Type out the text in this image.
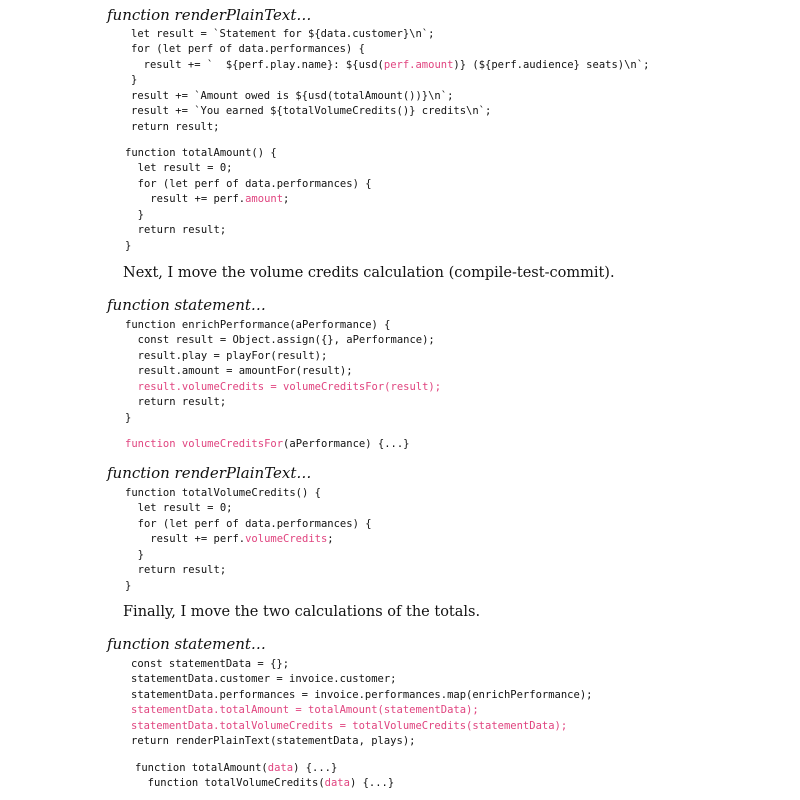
function renderPlainText…
let result = `Statement for ${data.customer}\n`;
for (let perf of data.performances) {
result += `  ${perf.play.name}: ${usd(perf.amount)} (${perf.audience} seats)\n`;
}
result += `Amount owed is ${usd(totalAmount())}\n`;
result += `You earned ${totalVolumeCredits()} credits\n`;
return result;
function totalAmount() {
let result = 0;
for (let perf of data.performances) {
result += perf.amount;
}
return result;
}
Next, I move the volume credits calculation (compile-test-commit).
function statement…
function enrichPerformance(aPerformance) {
const result = Object.assign({}, aPerformance);
result.play = playFor(result);
result.amount = amountFor(result);
result.volumeCredits = volumeCreditsFor(result);
return result;
}
function volumeCreditsFor(aPerformance) {...}
function renderPlainText…
function totalVolumeCredits() {
let result = 0;
for (let perf of data.performances) {
result += perf.volumeCredits;
}
return result;
}
Finally, I move the two calculations of the totals.
function statement…
const statementData = {};
statementData.customer = invoice.customer;
statementData.performances = invoice.performances.map(enrichPerformance);
statementData.totalAmount = totalAmount(statementData);
statementData.totalVolumeCredits = totalVolumeCredits(statementData);
return renderPlainText(statementData, plays);
function totalAmount(data) {...}
function totalVolumeCredits(data) {...}
